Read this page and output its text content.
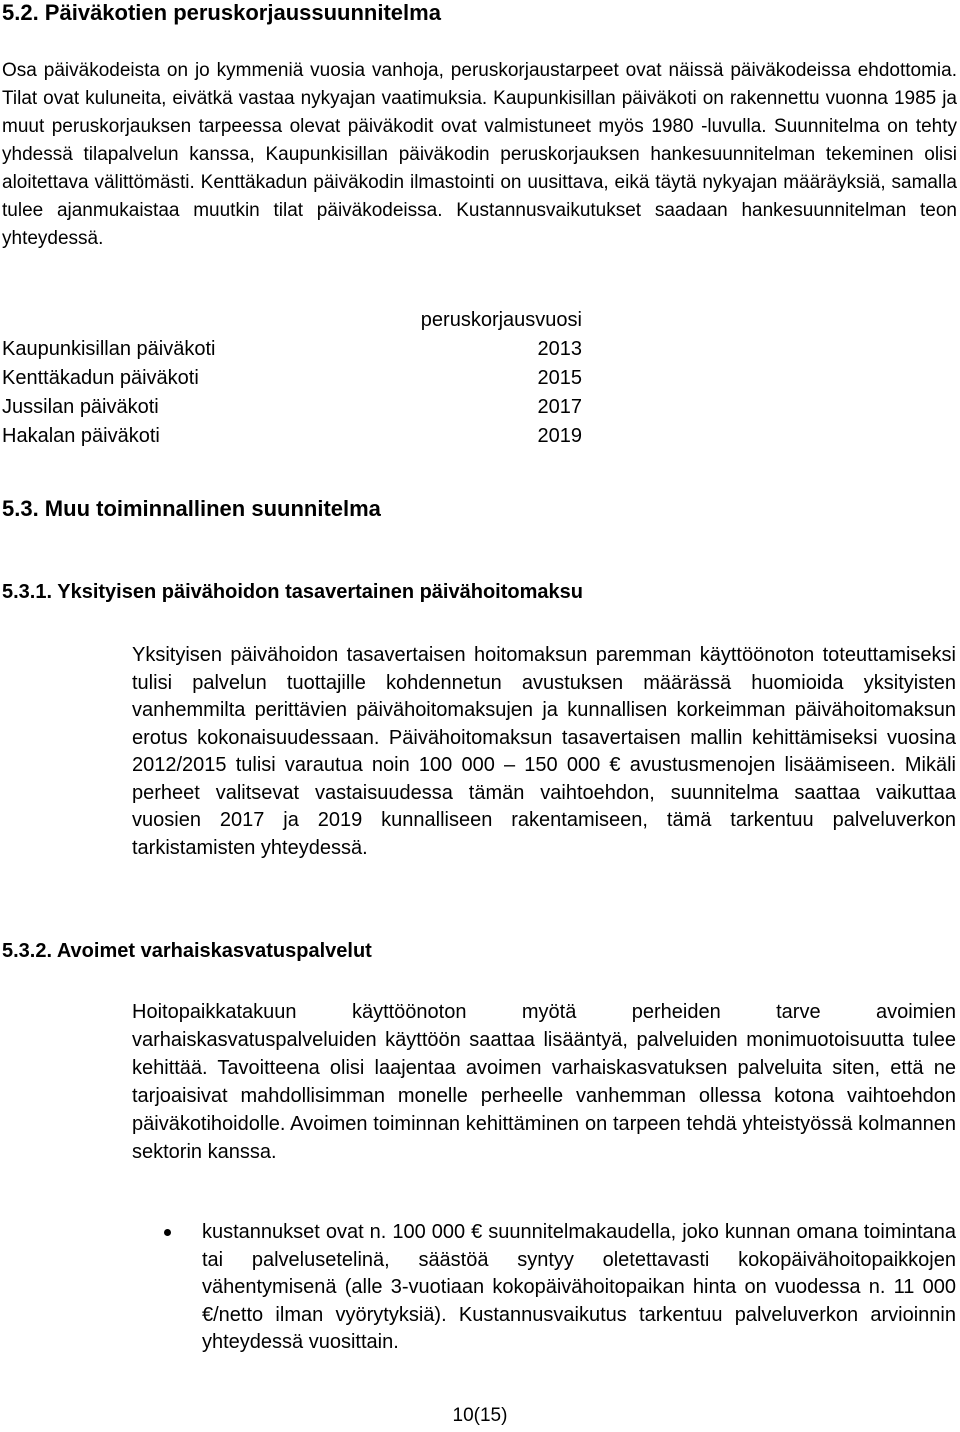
5.2. Päiväkotien peruskorjaussuunnitelma

Osa päiväkodeista on jo kymmeniä vuosia vanhoja, peruskorjaustarpeet ovat näissä päiväkodeissa ehdottomia. Tilat ovat kuluneita, eivätkä vastaa nykyajan vaatimuksia. Kaupunkisillan päiväkoti on rakennettu vuonna 1985 ja muut peruskorjauksen tarpeessa olevat päiväkodit ovat valmistuneet myös 1980 -luvulla. Suunnitelma on tehty yhdessä tilapalvelun kanssa, Kaupunkisillan päiväkodin peruskorjauksen hankesuunnitelman tekeminen olisi aloitettava välittömästi. Kenttäkadun päiväkodin ilmastointi on uusittava, eikä täytä nykyajan määräyksiä, samalla tulee ajanmukaistaa muutkin tilat päiväkodeissa. Kustannusvaikutukset saadaan hankesuunnitelman teon yhteydessä.

	peruskorjausvuosi
Kaupunkisillan päiväkoti	2013
Kenttäkadun päiväkoti	2015
Jussilan päiväkoti	2017
Hakalan päiväkoti	2019
5.3. Muu toiminnallinen suunnitelma
5.3.1. Yksityisen päivähoidon tasavertainen päivähoitomaksu

Yksityisen päivähoidon tasavertaisen hoitomaksun paremman käyttöönoton toteuttamiseksi tulisi palvelun tuottajille kohdennetun avustuksen määrässä huomioida yksityisten vanhemmilta perittävien päivähoitomaksujen ja kunnallisen korkeimman päivähoitomaksun erotus kokonaisuudessaan. Päivähoitomaksun tasavertaisen mallin kehittämiseksi vuosina 2012/2015 tulisi varautua noin 100 000 – 150 000 € avustusmenojen lisäämiseen. Mikäli perheet valitsevat vastaisuudessa tämän vaihtoehdon, suunnitelma saattaa vaikuttaa vuosien 2017 ja 2019 kunnalliseen rakentamiseen, tämä tarkentuu palveluverkon tarkistamisten yhteydessä.

5.3.2. Avoimet varhaiskasvatuspalvelut

Hoitopaikkatakuun käyttöönoton myötä perheiden tarve avoimien varhaiskasvatuspalveluiden käyttöön saattaa lisääntyä, palveluiden monimuotoisuutta tulee kehittää. Tavoitteena olisi laajentaa avoimen varhaiskasvatuksen palveluita siten, että ne tarjoaisivat mahdollisimman monelle perheelle vanhemman ollessa kotona vaihtoehdon päiväkotihoidolle. Avoimen toiminnan kehittäminen on tarpeen tehdä yhteistyössä kolmannen sektorin kanssa.

kustannukset ovat n. 100 000 € suunnitelmakaudella, joko kunnan omana toimintana tai palvelusetelinä, säästöä syntyy oletettavasti kokopäivähoitopaikkojen vähentymisenä (alle 3-vuotiaan kokopäivähoitopaikan hinta on vuodessa n. 11 000 €/netto ilman vyörytyksiä). Kustannusvaikutus tarkentuu palveluverkon arvioinnin yhteydessä vuosittain.
10(15)
